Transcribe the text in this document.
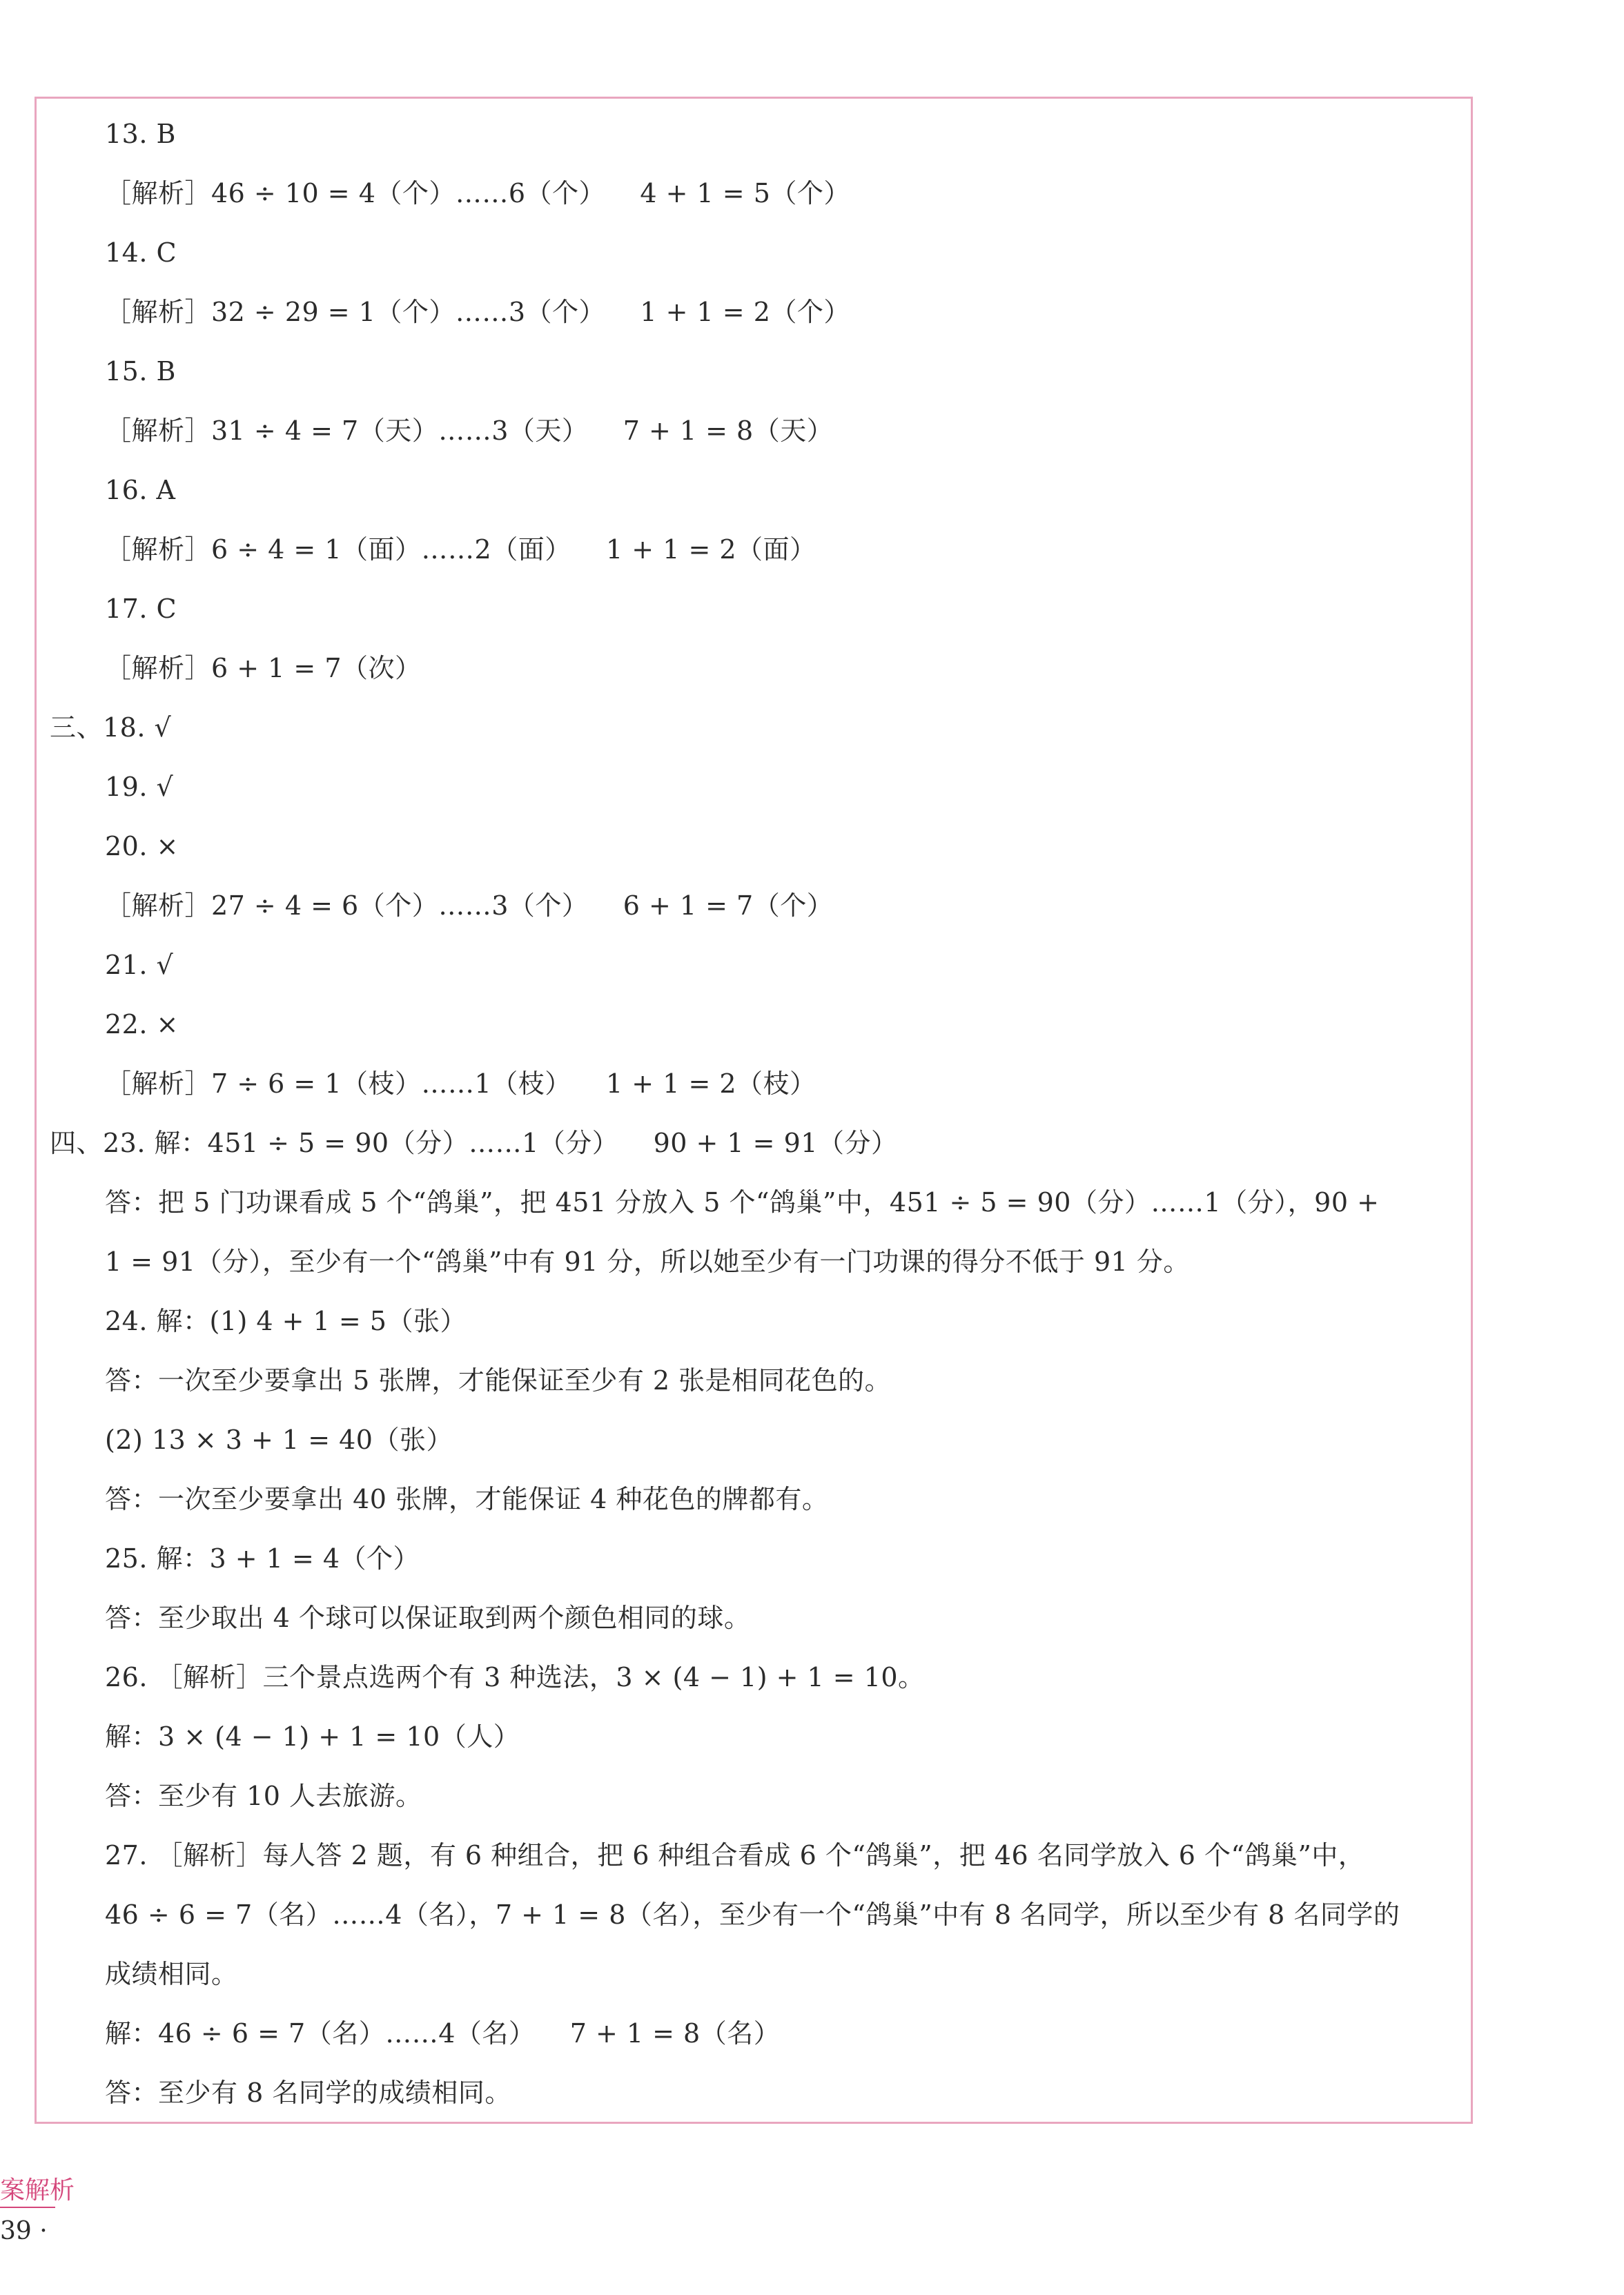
13. B
［解析］46 ÷ 10 = 4（个）……6（个）    4 + 1 = 5（个）
14. C
［解析］32 ÷ 29 = 1（个）……3（个）    1 + 1 = 2（个）
15. B
［解析］31 ÷ 4 = 7（天）……3（天）    7 + 1 = 8（天）
16. A
［解析］6 ÷ 4 = 1（面）……2（面）    1 + 1 = 2（面）
17. C
［解析］6 + 1 = 7（次）
三、18. √
19. √
20. ×
［解析］27 ÷ 4 = 6（个）……3（个）    6 + 1 = 7（个）
21. √
22. ×
［解析］7 ÷ 6 = 1（枝）……1（枝）    1 + 1 = 2（枝）
四、23. 解：451 ÷ 5 = 90（分）……1（分）    90 + 1 = 91（分）
答：把 5 门功课看成 5 个“鸽巢”，把 451 分放入 5 个“鸽巢”中，451 ÷ 5 = 90（分）……1（分），90 +
1 = 91（分），至少有一个“鸽巢”中有 91 分，所以她至少有一门功课的得分不低于 91 分。
24. 解：(1) 4 + 1 = 5（张）
答：一次至少要拿出 5 张牌，才能保证至少有 2 张是相同花色的。
(2) 13 × 3 + 1 = 40（张）
答：一次至少要拿出 40 张牌，才能保证 4 种花色的牌都有。
25. 解：3 + 1 = 4（个）
答：至少取出 4 个球可以保证取到两个颜色相同的球。
26. ［解析］三个景点选两个有 3 种选法，3 × (4 − 1) + 1 = 10。
解：3 × (4 − 1) + 1 = 10（人）
答：至少有 10 人去旅游。
27. ［解析］每人答 2 题，有 6 种组合，把 6 种组合看成 6 个“鸽巢”，把 46 名同学放入 6 个“鸽巢”中，
46 ÷ 6 = 7（名）……4（名），7 + 1 = 8（名），至少有一个“鸽巢”中有 8 名同学，所以至少有 8 名同学的
成绩相同。
解：46 ÷ 6 = 7（名）……4（名）    7 + 1 = 8（名）
答：至少有 8 名同学的成绩相同。
案解析
39 ·
